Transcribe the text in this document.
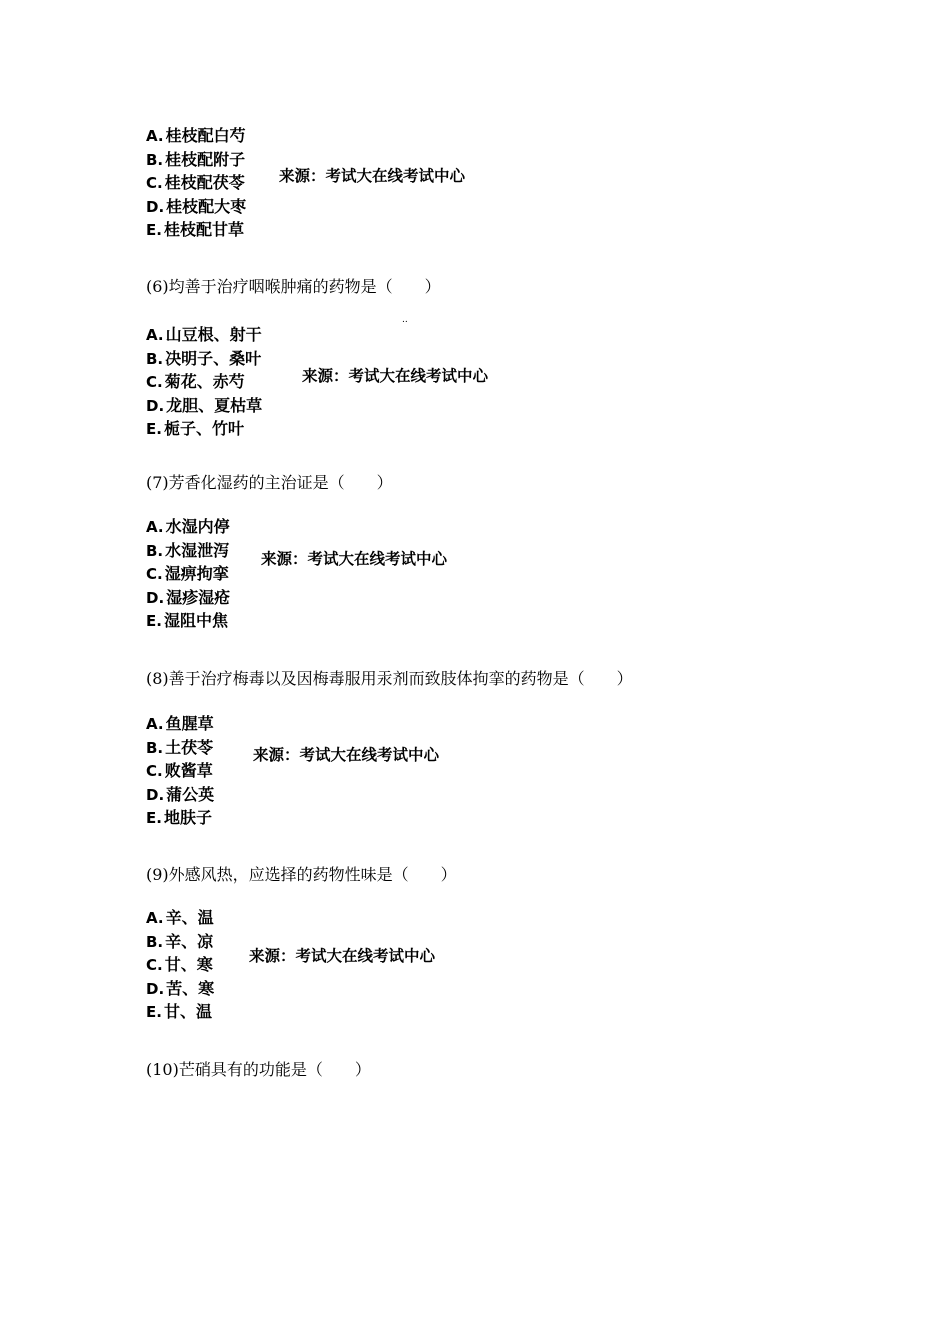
A. 桂枝配白芍
B. 桂枝配附子
C. 桂枝配茯苓
D. 桂枝配大枣
E. 桂枝配甘草
来源：考试大在线考试中心
(6)均善于治疗咽喉肿痛的药物是（　　）
..
A. 山豆根、射干
B. 决明子、桑叶
C. 菊花、赤芍
D. 龙胆、夏枯草
E. 栀子、竹叶
来源：考试大在线考试中心
(7)芳香化湿药的主治证是（　　）
A. 水湿内停
B. 水湿泄泻
C. 湿痹拘挛
D. 湿疹湿疮
E. 湿阻中焦
来源：考试大在线考试中心
(8)善于治疗梅毒以及因梅毒服用汞剂而致肢体拘挛的药物是（　　）
A. 鱼腥草
B. 土茯苓
C. 败酱草
D. 蒲公英
E. 地肤子
来源：考试大在线考试中心
(9)外感风热，应选择的药物性味是（　　）
A. 辛、温
B. 辛、凉
C. 甘、寒
D. 苦、寒
E. 甘、温
来源：考试大在线考试中心
(10)芒硝具有的功能是（　　）
